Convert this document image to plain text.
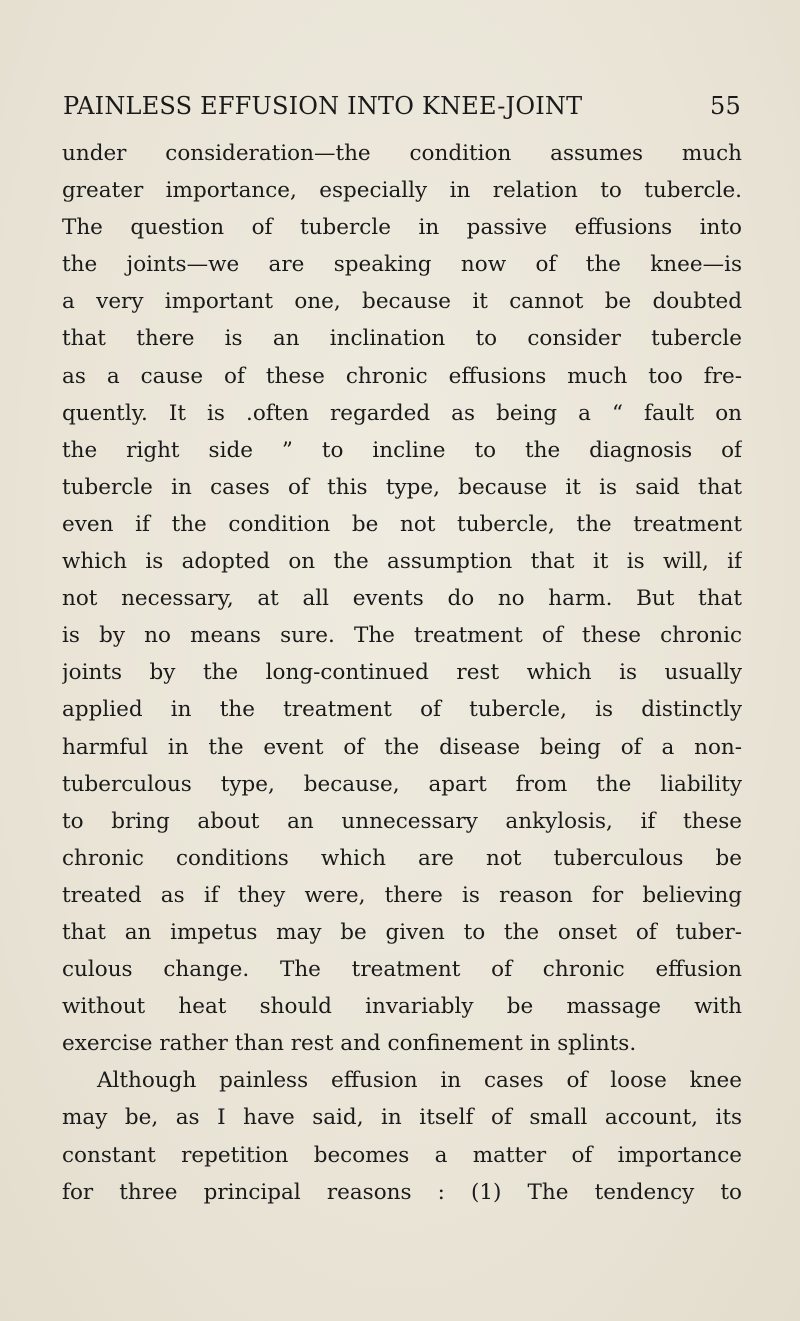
PAINLESS EFFUSION INTO KNEE-JOINT	55
under consideration—the condition assumes much
greater importance, especially in relation to tubercle.
The question of tubercle in passive effusions into
the joints—we are speaking now of the knee—is
a very important one, because it cannot be doubted
that there is an inclination to consider tubercle
as a cause of these chronic effusions much too fre-
quently. It is .often regarded as being a “ fault on
the right side ” to incline to the diagnosis of
tubercle in cases of this type, because it is said that
even if the condition be not tubercle, the treatment
which is adopted on the assumption that it is will, if
not necessary, at all events do no harm. But that
is by no means sure. The treatment of these chronic
joints by the long-continued rest which is usually
applied in the treatment of tubercle, is distinctly
harmful in the event of the disease being of a non-
tuberculous type, because, apart from the liability
to bring about an unnecessary ankylosis, if these
chronic conditions which are not tuberculous be
treated as if they were, there is reason for believing
that an impetus may be given to the onset of tuber-
culous change. The treatment of chronic effusion
without heat should invariably be massage with
exercise rather than rest and confinement in splints.
Although painless effusion in cases of loose knee
may be, as I have said, in itself of small account, its
constant repetition becomes a matter of importance
for three principal reasons : (1) The tendency to
